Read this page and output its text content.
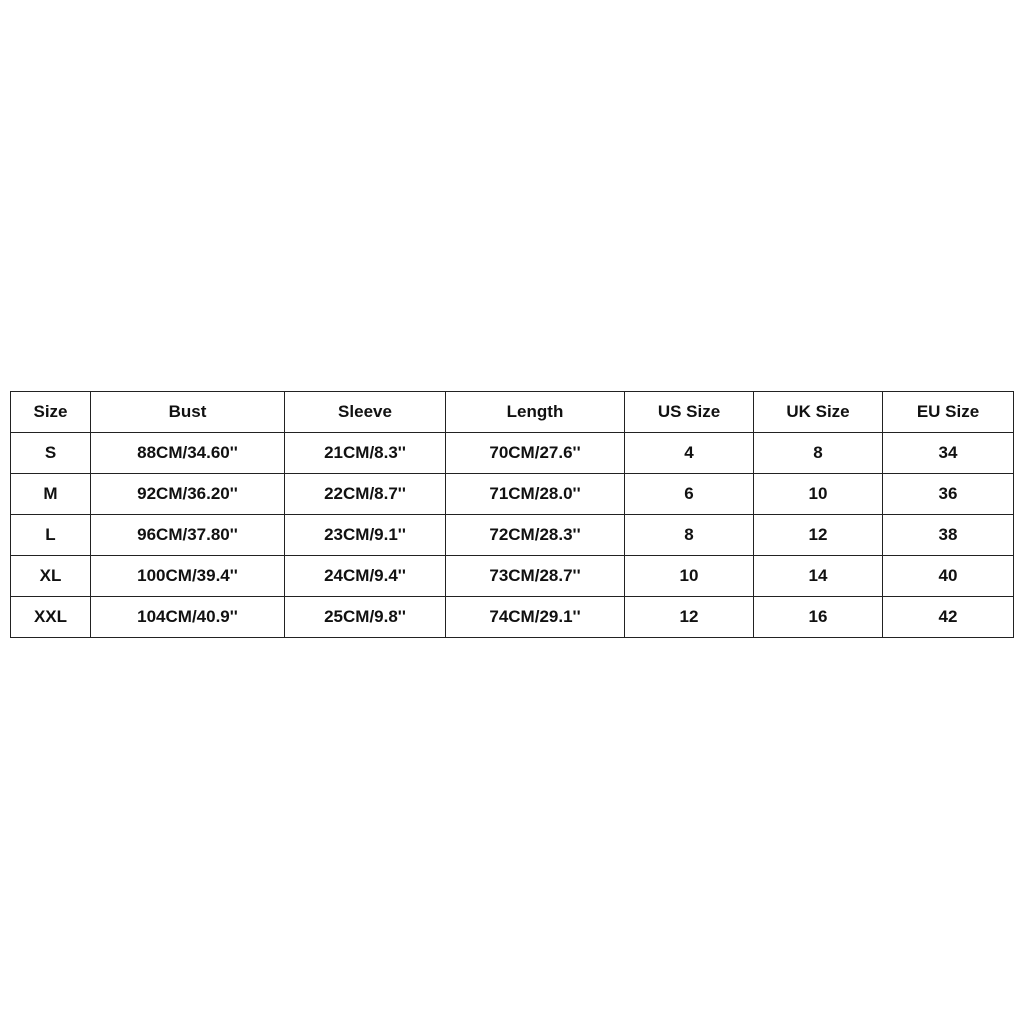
Size	Bust	Sleeve	Length	US Size	UK Size	EU Size
S	88CM/34.60''	21CM/8.3''	70CM/27.6''	4	8	34
M	92CM/36.20''	22CM/8.7''	71CM/28.0''	6	10	36
L	96CM/37.80''	23CM/9.1''	72CM/28.3''	8	12	38
XL	100CM/39.4''	24CM/9.4''	73CM/28.7''	10	14	40
XXL	104CM/40.9''	25CM/9.8''	74CM/29.1''	12	16	42
